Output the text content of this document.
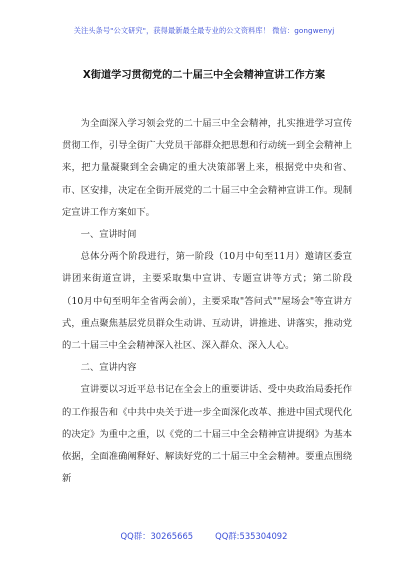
关注头条号"公文研究"，获得最新最全最专业的公文资料库！ 微信：gongwenyj
X街道学习贯彻党的二十届三中全会精神宣讲工作方案

为全面深入学习领会党的二十届三中全会精神，扎实推进学习宣传贯彻工作，引导全街广大党员干部群众把思想和行动统一到全会精神上来，把力量凝聚到全会确定的重大决策部署上来，根据党中央和省、市、区安排，决定在全街开展党的二十届三中全会精神宣讲工作。现制定宣讲工作方案如下。

一、宣讲时间

总体分两个阶段进行，第一阶段（10月中旬至11月）邀请区委宣讲团来街道宣讲，主要采取集中宣讲、专题宣讲等方式；第二阶段（10月中旬至明年全省两会前），主要采取"答问式""屋场会"等宣讲方式，重点聚焦基层党员群众生动讲、互动讲，讲推进、讲落实，推动党的二十届三中全会精神深入社区、深入群众、深入人心。

二、宣讲内容

宣讲要以习近平总书记在全会上的重要讲话、受中央政治局委托作的工作报告和《中共中央关于进一步全面深化改革、推进中国式现代化的决定》为重中之重，以《党的二十届三中全会精神宣讲提纲》为基本依据，全面准确阐释好、解读好党的二十届三中全会精神。要重点围绕新

QQ群：30265665	QQ群:535304092
